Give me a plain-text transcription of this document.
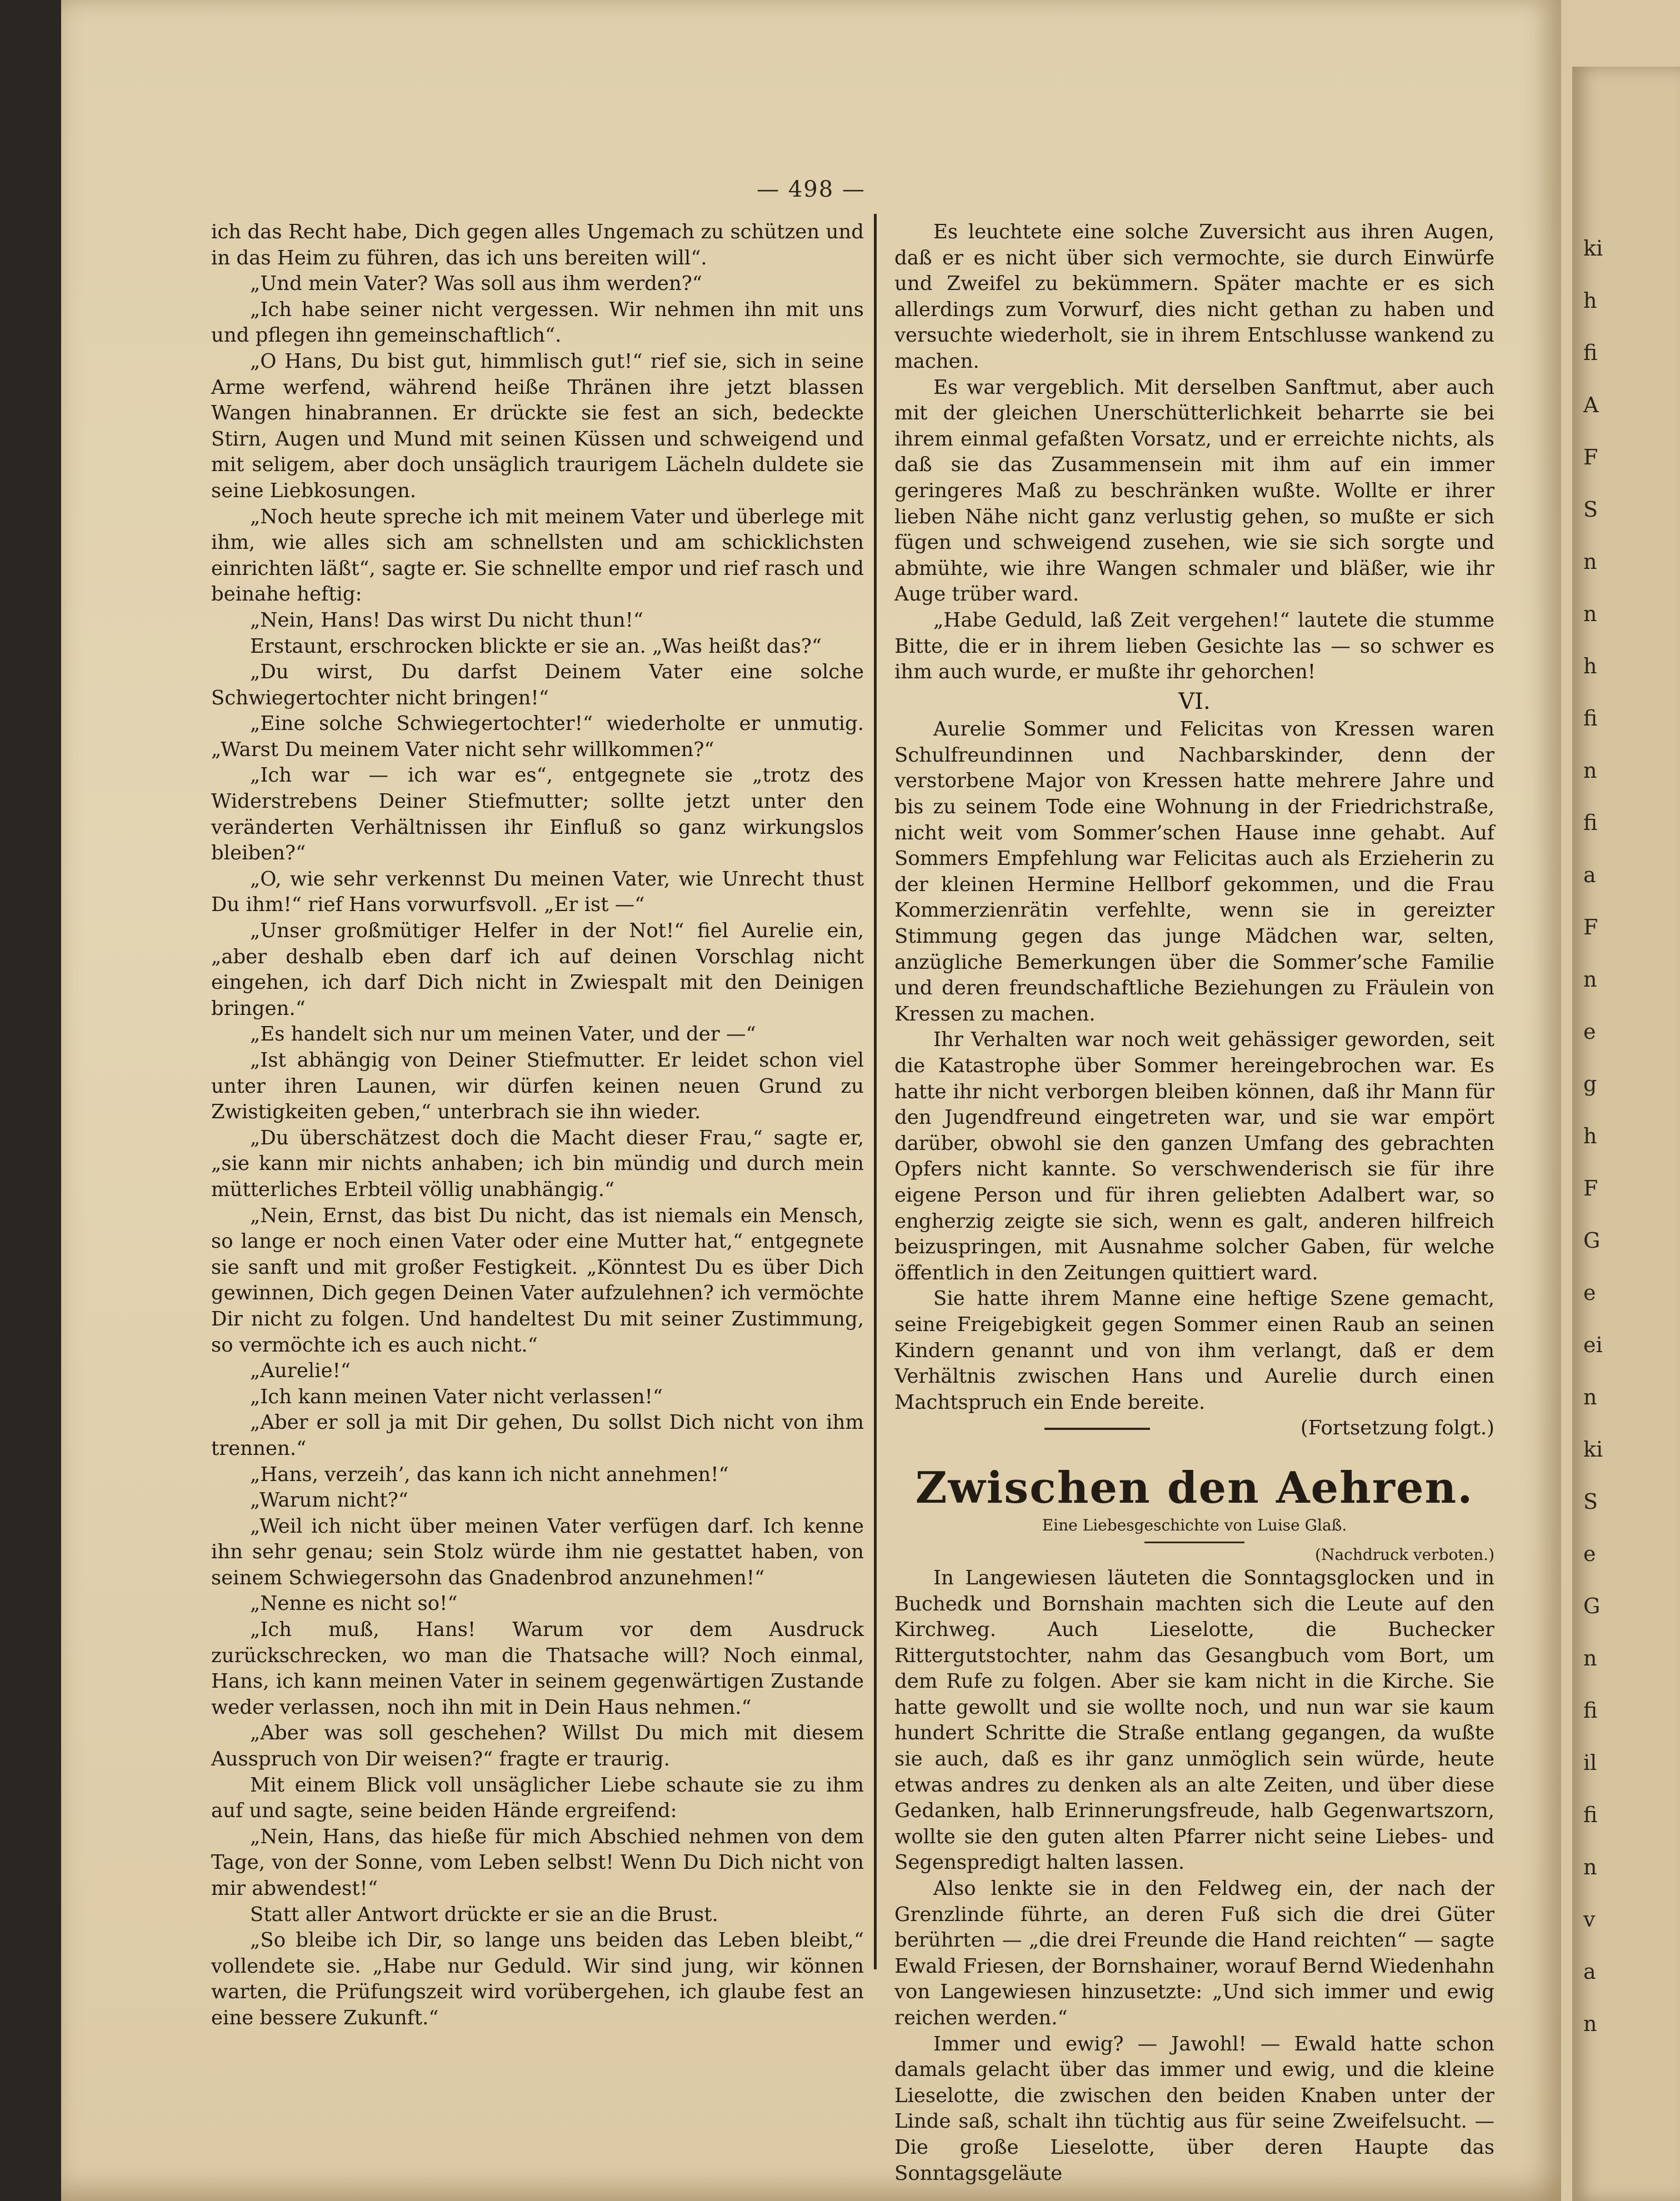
— 498 —

ich das Recht habe, Dich gegen alles Ungemach zu schützen und in das Heim zu führen, das ich uns bereiten will“.

„Und mein Vater? Was soll aus ihm werden?“

„Ich habe seiner nicht vergessen. Wir nehmen ihn mit uns und pflegen ihn gemeinschaftlich“.

„O Hans, Du bist gut, himmlisch gut!“ rief sie, sich in seine Arme werfend, während heiße Thränen ihre jetzt blassen Wangen hinabrannen. Er drückte sie fest an sich, bedeckte Stirn, Augen und Mund mit seinen Küssen und schweigend und mit seligem, aber doch unsäglich traurigem Lächeln duldete sie seine Liebkosungen.

„Noch heute spreche ich mit meinem Vater und überlege mit ihm, wie alles sich am schnellsten und am schicklichsten einrichten läßt“, sagte er. Sie schnellte empor und rief rasch und beinahe heftig:

„Nein, Hans! Das wirst Du nicht thun!“

Erstaunt, erschrocken blickte er sie an. „Was heißt das?“

„Du wirst, Du darfst Deinem Vater eine solche Schwiegertochter nicht bringen!“

„Eine solche Schwiegertochter!“ wiederholte er unmutig. „Warst Du meinem Vater nicht sehr willkommen?“

„Ich war — ich war es“, entgegnete sie „trotz des Widerstrebens Deiner Stiefmutter; sollte jetzt unter den veränderten Verhältnissen ihr Einfluß so ganz wirkungslos bleiben?“

„O, wie sehr verkennst Du meinen Vater, wie Unrecht thust Du ihm!“ rief Hans vorwurfsvoll. „Er ist —“

„Unser großmütiger Helfer in der Not!“ fiel Aurelie ein, „aber deshalb eben darf ich auf deinen Vorschlag nicht eingehen, ich darf Dich nicht in Zwiespalt mit den Deinigen bringen.“

„Es handelt sich nur um meinen Vater, und der —“

„Ist abhängig von Deiner Stiefmutter. Er leidet schon viel unter ihren Launen, wir dürfen keinen neuen Grund zu Zwistigkeiten geben,“ unterbrach sie ihn wieder.

„Du überschätzest doch die Macht dieser Frau,“ sagte er, „sie kann mir nichts anhaben; ich bin mündig und durch mein mütterliches Erbteil völlig unabhängig.“

„Nein, Ernst, das bist Du nicht, das ist niemals ein Mensch, so lange er noch einen Vater oder eine Mutter hat,“ entgegnete sie sanft und mit großer Festigkeit. „Könntest Du es über Dich gewinnen, Dich gegen Deinen Vater aufzulehnen? ich vermöchte Dir nicht zu folgen. Und handeltest Du mit seiner Zustimmung, so vermöchte ich es auch nicht.“

„Aurelie!“

„Ich kann meinen Vater nicht verlassen!“

„Aber er soll ja mit Dir gehen, Du sollst Dich nicht von ihm trennen.“

„Hans, verzeih’, das kann ich nicht annehmen!“

„Warum nicht?“

„Weil ich nicht über meinen Vater verfügen darf. Ich kenne ihn sehr genau; sein Stolz würde ihm nie gestattet haben, von seinem Schwiegersohn das Gnadenbrod anzunehmen!“

„Nenne es nicht so!“

„Ich muß, Hans! Warum vor dem Ausdruck zurückschrecken, wo man die Thatsache will? Noch einmal, Hans, ich kann meinen Vater in seinem gegenwärtigen Zustande weder verlassen, noch ihn mit in Dein Haus nehmen.“

„Aber was soll geschehen? Willst Du mich mit diesem Ausspruch von Dir weisen?“ fragte er traurig.

Mit einem Blick voll unsäglicher Liebe schaute sie zu ihm auf und sagte, seine beiden Hände ergreifend:

„Nein, Hans, das hieße für mich Abschied nehmen von dem Tage, von der Sonne, vom Leben selbst! Wenn Du Dich nicht von mir abwendest!“

Statt aller Antwort drückte er sie an die Brust.

„So bleibe ich Dir, so lange uns beiden das Leben bleibt,“ vollendete sie. „Habe nur Geduld. Wir sind jung, wir können warten, die Prüfungszeit wird vorübergehen, ich glaube fest an eine bessere Zukunft.“

Es leuchtete eine solche Zuversicht aus ihren Augen, daß er es nicht über sich vermochte, sie durch Einwürfe und Zweifel zu bekümmern. Später machte er es sich allerdings zum Vorwurf, dies nicht gethan zu haben und versuchte wiederholt, sie in ihrem Entschlusse wankend zu machen.

Es war vergeblich. Mit derselben Sanftmut, aber auch mit der gleichen Unerschütterlichkeit beharrte sie bei ihrem einmal gefaßten Vorsatz, und er erreichte nichts, als daß sie das Zusammensein mit ihm auf ein immer geringeres Maß zu beschränken wußte. Wollte er ihrer lieben Nähe nicht ganz verlustig gehen, so mußte er sich fügen und schweigend zusehen, wie sie sich sorgte und abmühte, wie ihre Wangen schmaler und bläßer, wie ihr Auge trüber ward.

„Habe Geduld, laß Zeit vergehen!“ lautete die stumme Bitte, die er in ihrem lieben Gesichte las — so schwer es ihm auch wurde, er mußte ihr gehorchen!

VI.

Aurelie Sommer und Felicitas von Kressen waren Schulfreundinnen und Nachbarskinder, denn der verstorbene Major von Kressen hatte mehrere Jahre und bis zu seinem Tode eine Wohnung in der Friedrichstraße, nicht weit vom Sommer’schen Hause inne gehabt. Auf Sommers Empfehlung war Felicitas auch als Erzieherin zu der kleinen Hermine Hellborf gekommen, und die Frau Kommerzienrätin verfehlte, wenn sie in gereizter Stimmung gegen das junge Mädchen war, selten, anzügliche Bemerkungen über die Sommer’sche Familie und deren freundschaftliche Beziehungen zu Fräulein von Kressen zu machen.

Ihr Verhalten war noch weit gehässiger geworden, seit die Katastrophe über Sommer hereingebrochen war. Es hatte ihr nicht verborgen bleiben können, daß ihr Mann für den Jugendfreund eingetreten war, und sie war empört darüber, obwohl sie den ganzen Umfang des gebrachten Opfers nicht kannte. So verschwenderisch sie für ihre eigene Person und für ihren geliebten Adalbert war, so engherzig zeigte sie sich, wenn es galt, anderen hilfreich beizuspringen, mit Ausnahme solcher Gaben, für welche öffentlich in den Zeitungen quittiert ward.

Sie hatte ihrem Manne eine heftige Szene gemacht, seine Freigebigkeit gegen Sommer einen Raub an seinen Kindern genannt und von ihm verlangt, daß er dem Verhältnis zwischen Hans und Aurelie durch einen Machtspruch ein Ende bereite.

(Fortsetzung folgt.)
Zwischen den Aehren.
Eine Liebesgeschichte von Luise Glaß.
(Nachdruck verboten.)

In Langewiesen läuteten die Sonntagsglocken und in Buchedk und Bornshain machten sich die Leute auf den Kirchweg. Auch Lieselotte, die Buchecker Rittergutstochter, nahm das Gesangbuch vom Bort, um dem Rufe zu folgen. Aber sie kam nicht in die Kirche. Sie hatte gewollt und sie wollte noch, und nun war sie kaum hundert Schritte die Straße entlang gegangen, da wußte sie auch, daß es ihr ganz unmöglich sein würde, heute etwas andres zu denken als an alte Zeiten, und über diese Gedanken, halb Erinnerungsfreude, halb Gegenwartszorn, wollte sie den guten alten Pfarrer nicht seine Liebes- und Segenspredigt halten lassen.

Also lenkte sie in den Feldweg ein, der nach der Grenzlinde führte, an deren Fuß sich die drei Güter berührten — „die drei Freunde die Hand reichten“ — sagte Ewald Friesen, der Bornshainer, worauf Bernd Wiedenhahn von Langewiesen hinzusetzte: „Und sich immer und ewig reichen werden.“

Immer und ewig? — Jawohl! — Ewald hatte schon damals gelacht über das immer und ewig, und die kleine Lieselotte, die zwischen den beiden Knaben unter der Linde saß, schalt ihn tüchtig aus für seine Zweifelsucht. — Die große Lieselotte, über deren Haupte das Sonntagsgeläute

ki
h
fi
A
F
S
n
n
h
fi
n
fi
a
F
n
e
g
h
F
G
e
ei
n
ki
S
e
G
n
fi
il
fi
n
v
a
n
